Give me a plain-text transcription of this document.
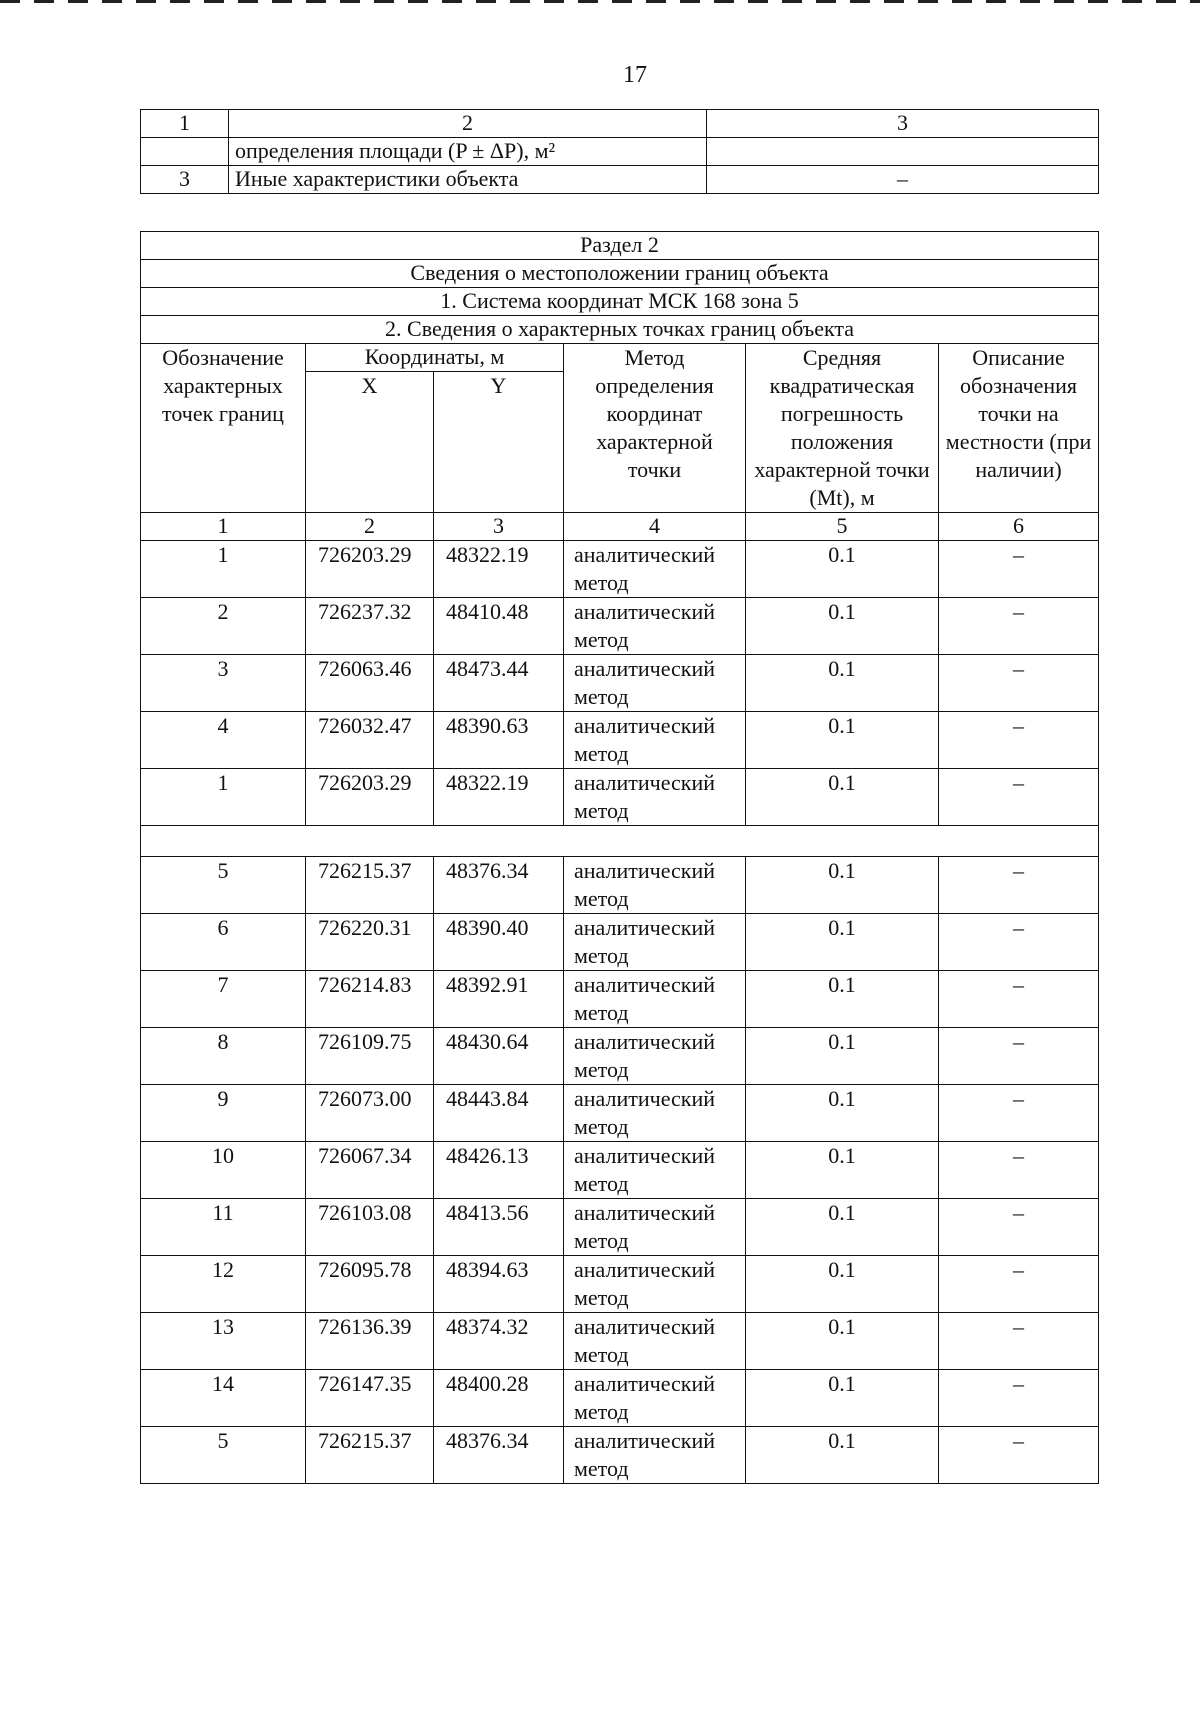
17
1	2	3
	определения площади (P ± ΔP), м²	
3	Иные характеристики объекта	–
Раздел 2					
Сведения о местоположении границ объекта					
1. Система координат МСК 168 зона 5					
2. Сведения о характерных точках границ объекта					
Обозначение характерных точек границ	Координаты, м		Метод определения координат характерной точки	Средняя квадратическая погрешность положения характерной точки (Mt), м	Описание обозначения точки на местности (при наличии)
	X	Y			
1	2	3	4	5	6
1	726203.29	48322.19	аналитический метод	0.1	–
2	726237.32	48410.48	аналитический метод	0.1	–
3	726063.46	48473.44	аналитический метод	0.1	–
4	726032.47	48390.63	аналитический метод	0.1	–
1	726203.29	48322.19	аналитический метод	0.1	–

5	726215.37	48376.34	аналитический метод	0.1	–
6	726220.31	48390.40	аналитический метод	0.1	–
7	726214.83	48392.91	аналитический метод	0.1	–
8	726109.75	48430.64	аналитический метод	0.1	–
9	726073.00	48443.84	аналитический метод	0.1	–
10	726067.34	48426.13	аналитический метод	0.1	–
11	726103.08	48413.56	аналитический метод	0.1	–
12	726095.78	48394.63	аналитический метод	0.1	–
13	726136.39	48374.32	аналитический метод	0.1	–
14	726147.35	48400.28	аналитический метод	0.1	–
5	726215.37	48376.34	аналитический метод	0.1	–
